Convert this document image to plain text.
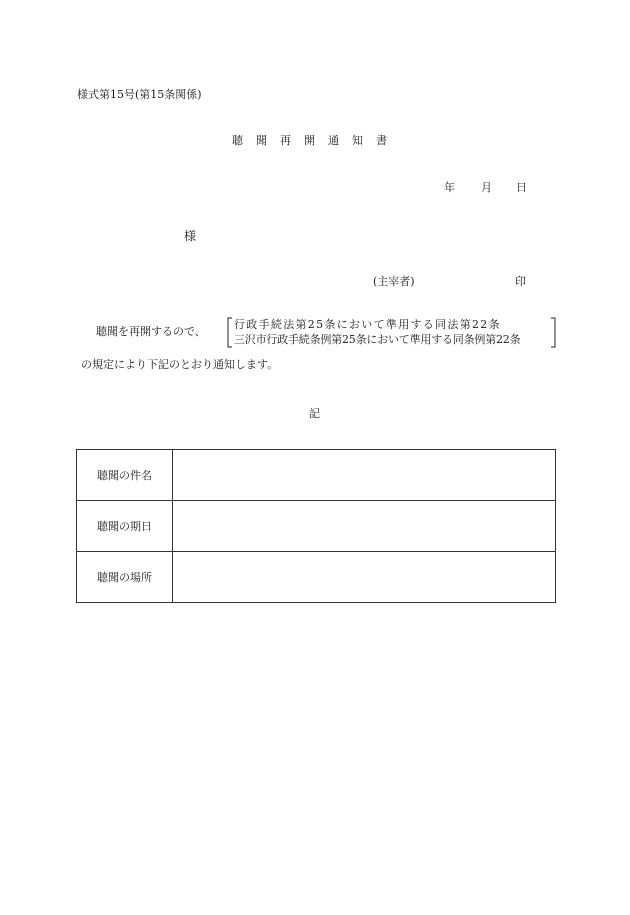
様式第15号(第15条関係)
聴聞再開通知書
年 月 日
様
(主宰者)	印
聴聞を再開するので、
行政手続法第25条において準用する同法第22条
三沢市行政手続条例第25条において準用する同条例第22条
の規定により下記のとおり通知します。
記
聴聞の件名	
聴聞の期日	
聴聞の場所	
